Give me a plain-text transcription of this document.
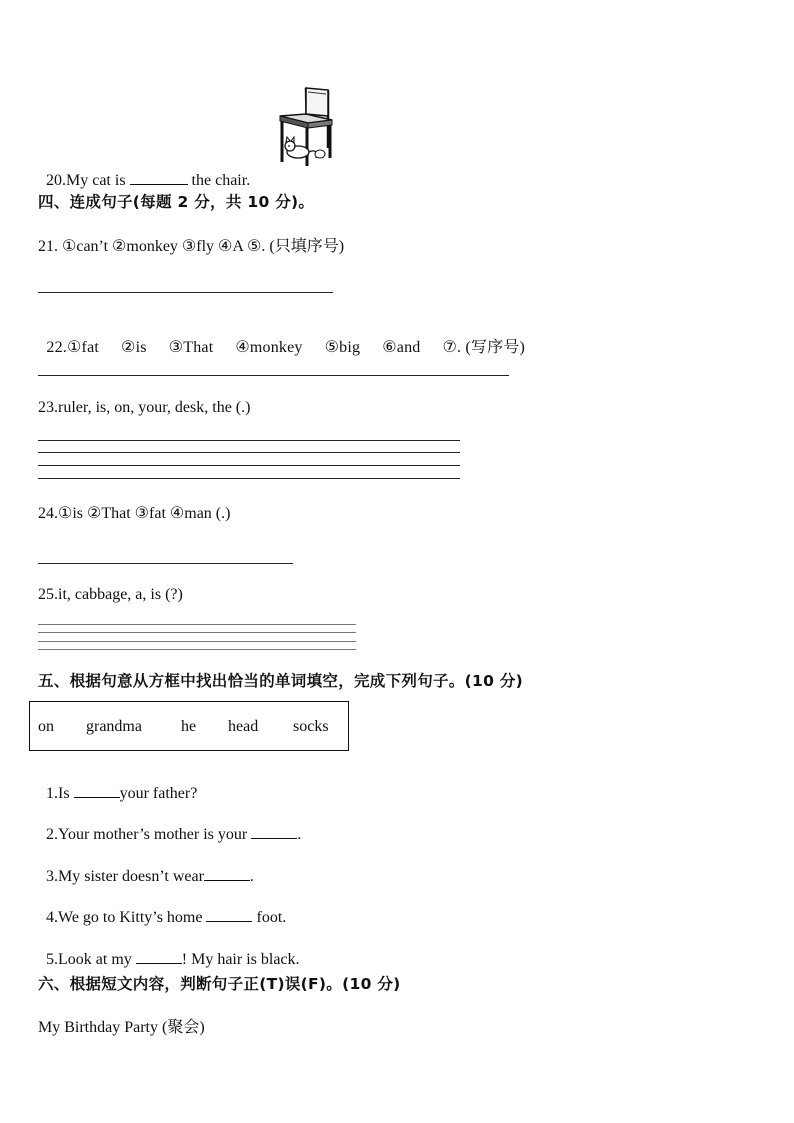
20.My cat is	the chair.

四、连成句子(每题 2 分，共 10 分)。
21. ①can’t ②monkey ③fly ④A ⑤. (只填序号)

22.①fat ②is ③That ④monkey ⑤big ⑥and ⑦. (写序号)

23.ruler, is, on, your, desk, the (.)
24.①is ②That ③fat ④man (.)
25.it, cabbage, a, is (?)
五、根据句意从方框中找出恰当的单词填空，完成下列句子。(10 分)
on grandma he head socks

1.Is	your father?

2.Your mother’s mother is your	.

3.My sister doesn’t wear	.

4.We go to Kitty’s home	foot.

5.Look at my	! My hair is black.

六、根据短文内容，判断句子正(T)误(F)。(10 分)
My Birthday Party (聚会)
